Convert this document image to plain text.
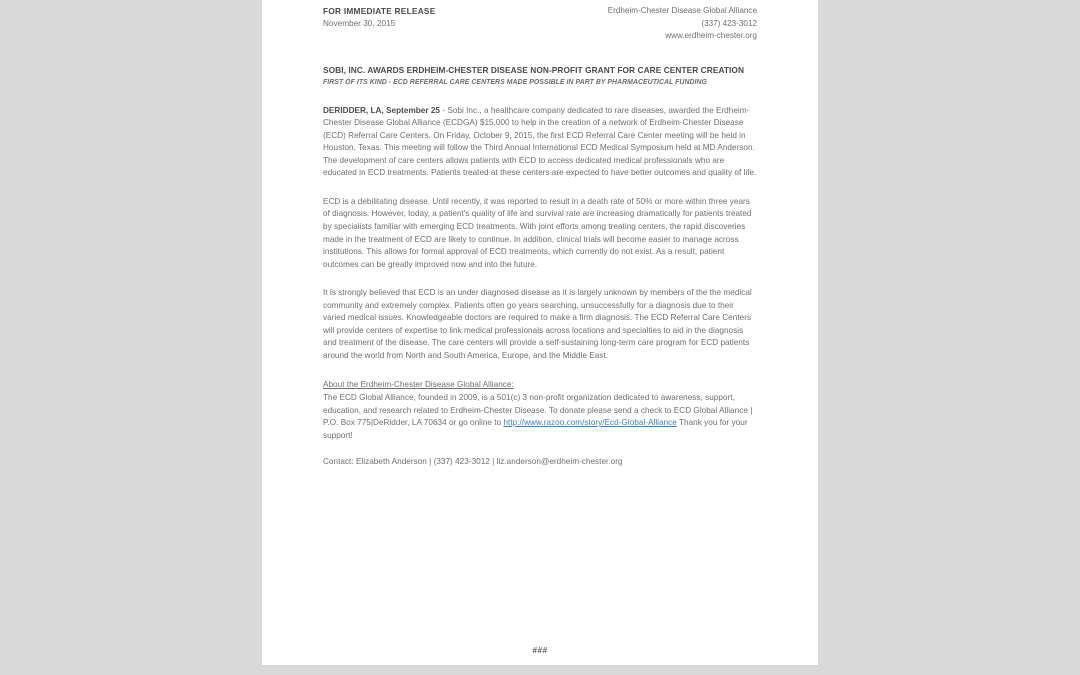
FOR IMMEDIATE RELEASE
November 30, 2015
Erdheim-Chester Disease Global Alliance
(337) 423-3012
www.erdheim-chester.org
SOBI, INC. AWARDS ERDHEIM-CHESTER DISEASE NON-PROFIT GRANT FOR CARE CENTER CREATION
FIRST OF ITS KIND - ECD REFERRAL CARE CENTERS MADE POSSIBLE IN PART BY PHARMACEUTICAL FUNDING

DERIDDER, LA, September 25 - Sobi Inc., a healthcare company dedicated to rare diseases, awarded the Erdheim-Chester Disease Global Alliance (ECDGA) $15,000 to help in the creation of a network of Erdheim-Chester Disease (ECD) Referral Care Centers. On Friday, October 9, 2015, the first ECD Referral Care Center meeting will be held in Houston, Texas. This meeting will follow the Third Annual International ECD Medical Symposium held at MD Anderson. The development of care centers allows patients with ECD to access dedicated medical professionals who are educated in ECD treatments. Patients treated at these centers are expected to have better outcomes and quality of life.

ECD is a debilitating disease. Until recently, it was reported to result in a death rate of 50% or more within three years of diagnosis. However, today, a patient's quality of life and survival rate are increasing dramatically for patients treated by specialists familiar with emerging ECD treatments. With joint efforts among treating centers, the rapid discoveries made in the treatment of ECD are likely to continue. In addition, clinical trials will become easier to manage across institutions. This allows for formal approval of ECD treatments, which currently do not exist. As a result, patient outcomes can be greatly improved now and into the future.

It is strongly believed that ECD is an under diagnosed disease as it is largely unknown by members of the the medical community and extremely complex. Patients often go years searching, unsuccessfully for a diagnosis due to their varied medical issues. Knowledgeable doctors are required to make a firm diagnosis. The ECD Referral Care Centers will provide centers of expertise to link medical professionals across locations and specialties to aid in the diagnosis and treatment of the disease. The care centers will provide a self-sustaining long-term care program for ECD patients around the world from North and South America, Europe, and the Middle East.

About the Erdheim-Chester Disease Global Alliance:
The ECD Global Alliance, founded in 2009, is a 501(c) 3 non-profit organization dedicated to awareness, support, education, and research related to Erdheim-Chester Disease. To donate please send a check to ECD Global Alliance | P.O. Box 775|DeRidder, LA 70634 or go online to http://www.razoo.com/story/Ecd-Global-Alliance Thank you for your support!
Contact: Elizabeth Anderson | (337) 423-3012 | liz.anderson@erdheim-chester.org
###
